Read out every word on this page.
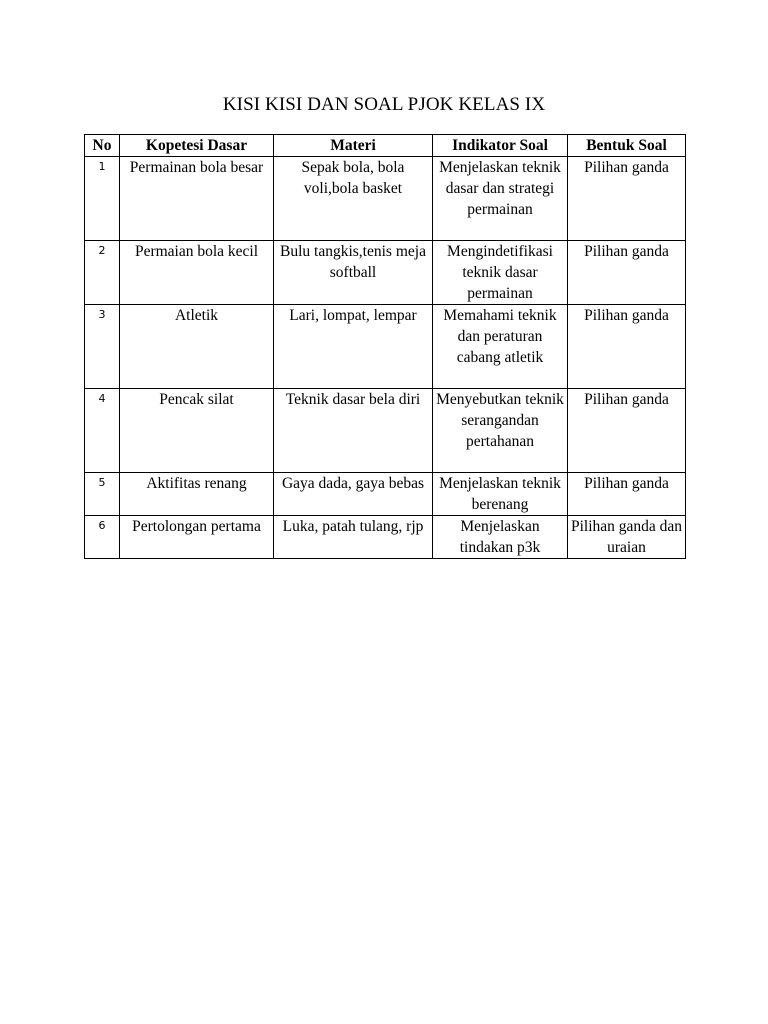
KISI KISI DAN SOAL PJOK KELAS IX
No	Kopetesi Dasar	Materi	Indikator Soal	Bentuk Soal
1	Permainan bola besar	Sepak bola, bola voli,bola basket	Menjelaskan teknik dasar dan strategi permainan	Pilihan ganda
2	Permaian bola kecil	Bulu tangkis,tenis meja softball	Mengindetifikasi teknik dasar permainan	Pilihan ganda
3	Atletik	Lari, lompat, lempar	Memahami teknik dan peraturan cabang atletik	Pilihan ganda
4	Pencak silat	Teknik dasar bela diri	Menyebutkan teknik serangandan pertahanan	Pilihan ganda
5	Aktifitas renang	Gaya dada, gaya bebas	Menjelaskan teknik berenang	Pilihan ganda
6	Pertolongan pertama	Luka, patah tulang, rjp	Menjelaskan tindakan p3k	Pilihan ganda dan uraian
